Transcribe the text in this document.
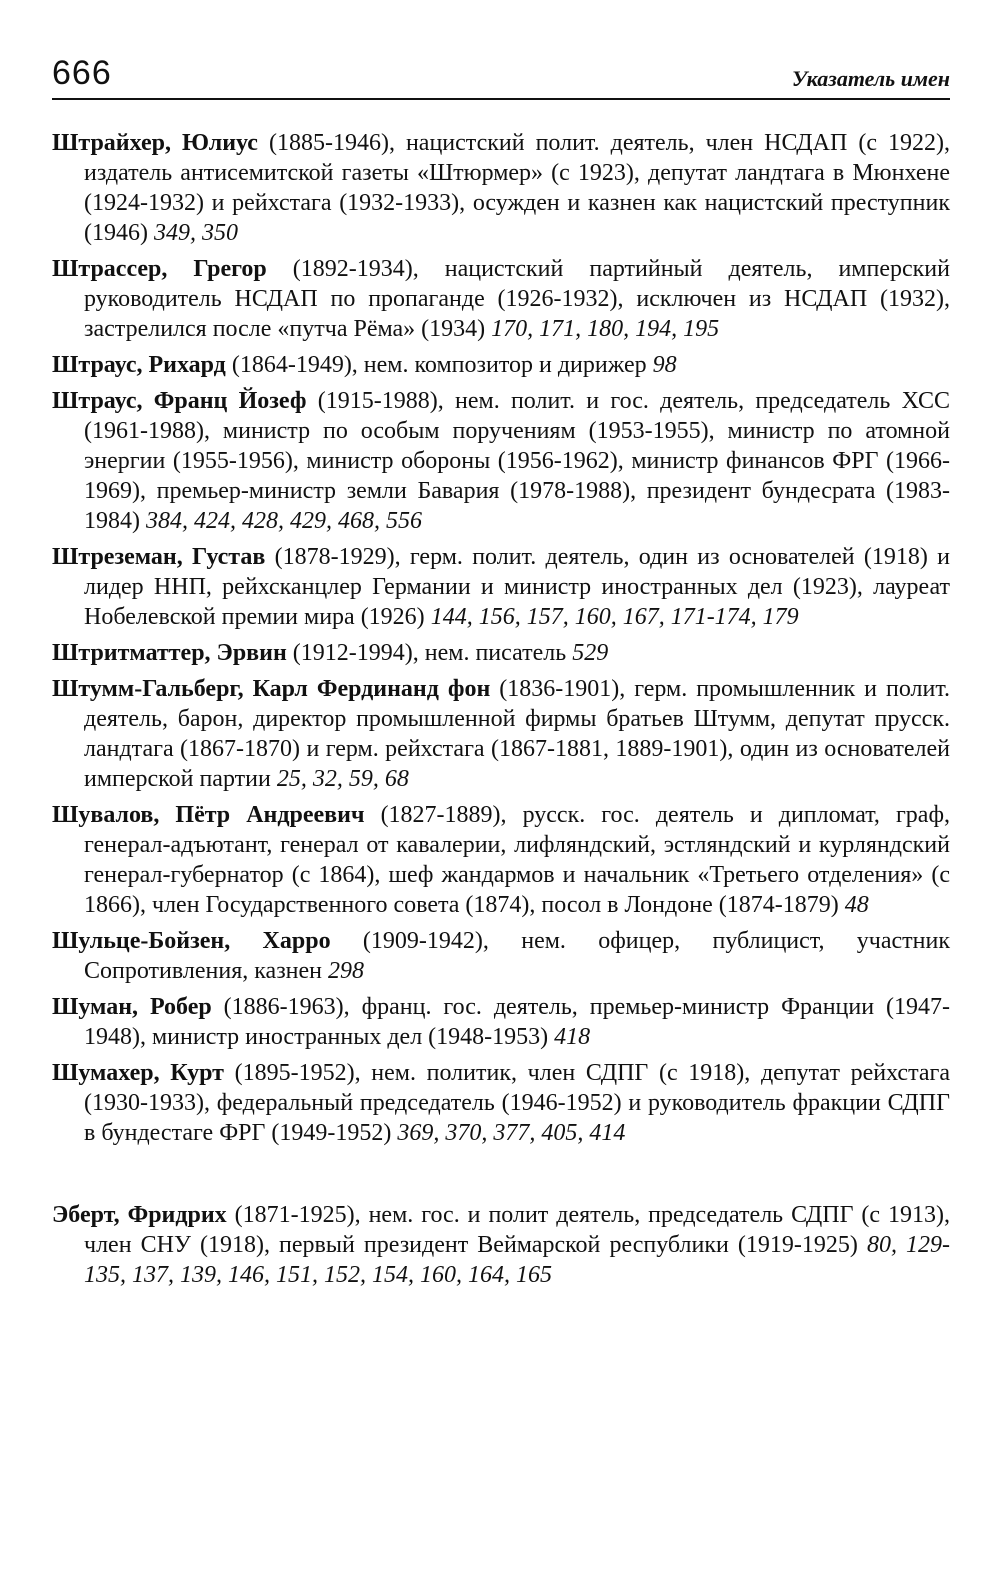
666	Указатель имен

Штрайхер, Юлиус (1885-1946), нацистский полит. деятель, член НСДАП (с 1922), издатель антисемитской газеты «Штюрмер» (с 1923), депутат ландтага в Мюнхене (1924-1932) и рейхстага (1932-1933), осужден и казнен как нацистский преступник (1946) 349, 350

Штрассер, Грегор (1892-1934), нацистский партийный деятель, имперский руководитель НСДАП по пропаганде (1926-1932), исключен из НСДАП (1932), застрелился после «путча Рёма» (1934) 170, 171, 180, 194, 195

Штраус, Рихард (1864-1949), нем. композитор и дирижер 98

Штраус, Франц Йозеф (1915-1988), нем. полит. и гос. деятель, председатель ХСС (1961-1988), министр по особым поручениям (1953-1955), министр по атомной энергии (1955-1956), министр обороны (1956-1962), министр финансов ФРГ (1966-1969), премьер-министр земли Бавария (1978-1988), президент бундесрата (1983-1984) 384, 424, 428, 429, 468, 556

Штреземан, Густав (1878-1929), герм. полит. деятель, один из основателей (1918) и лидер ННП, рейхсканцлер Германии и министр иностранных дел (1923), лауреат Нобелевской премии мира (1926) 144, 156, 157, 160, 167, 171-174, 179

Штритматтер, Эрвин (1912-1994), нем. писатель 529

Штумм-Гальберг, Карл Фердинанд фон (1836-1901), герм. промышленник и полит. деятель, барон, директор промышленной фирмы братьев Штумм, депутат прусск. ландтага (1867-1870) и герм. рейхстага (1867-1881, 1889-1901), один из основателей имперской партии 25, 32, 59, 68

Шувалов, Пётр Андреевич (1827-1889), русск. гос. деятель и дипломат, граф, генерал-адъютант, генерал от кавалерии, лифляндский, эстляндский и курляндский генерал-губернатор (с 1864), шеф жандармов и начальник «Третьего отделения» (с 1866), член Государственного совета (1874), посол в Лондоне (1874-1879) 48

Шульце-Бойзен, Харро (1909-1942), нем. офицер, публицист, участник Сопротивления, казнен 298

Шуман, Робер (1886-1963), франц. гос. деятель, премьер-министр Франции (1947-1948), министр иностранных дел (1948-1953) 418

Шумахер, Курт (1895-1952), нем. политик, член СДПГ (с 1918), депутат рейхстага (1930-1933), федеральный председатель (1946-1952) и руководитель фракции СДПГ в бундестаге ФРГ (1949-1952) 369, 370, 377, 405, 414

Эберт, Фридрих (1871-1925), нем. гос. и полит деятель, председатель СДПГ (с 1913), член СНУ (1918), первый президент Веймарской республики (1919-1925) 80, 129-135, 137, 139, 146, 151, 152, 154, 160, 164, 165
